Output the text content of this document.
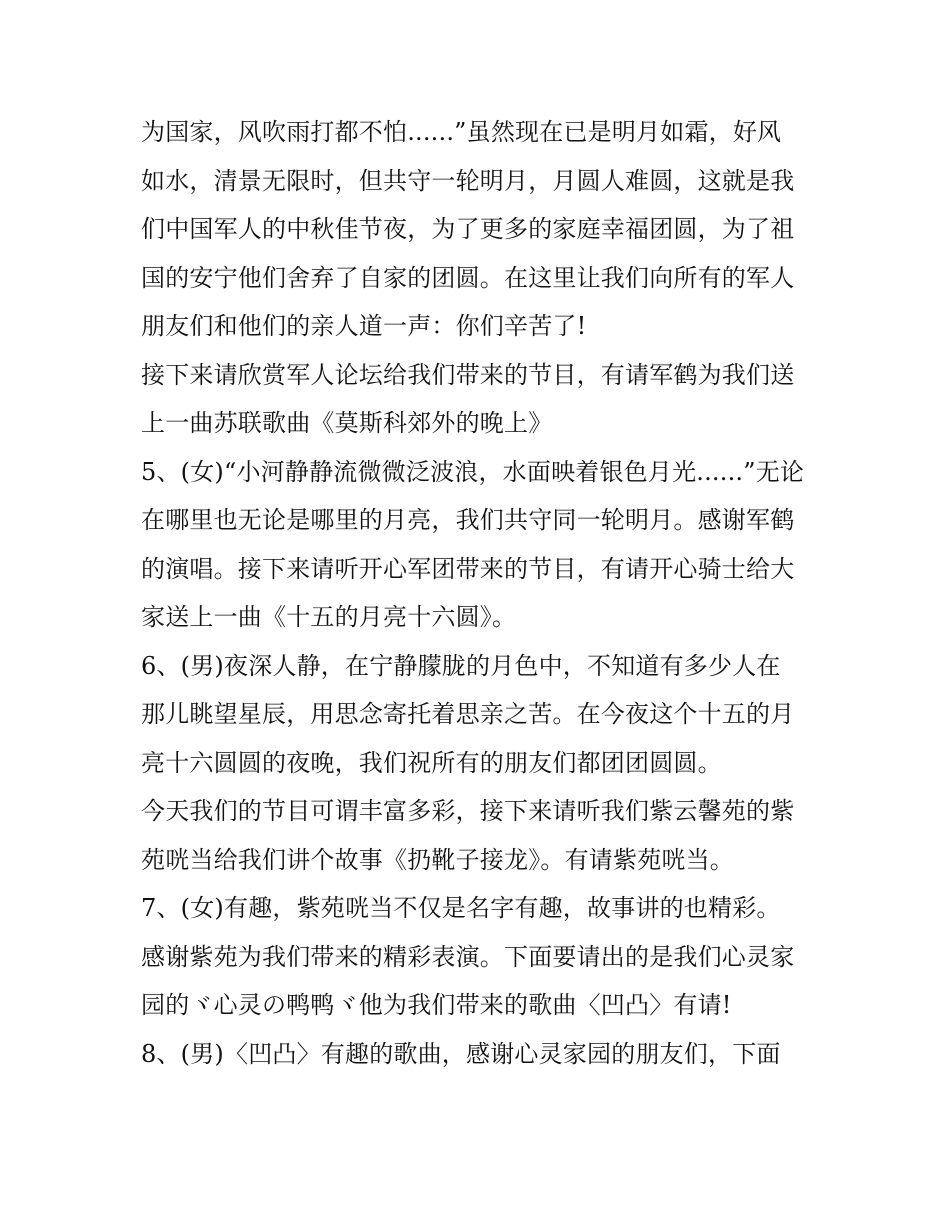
为国家，风吹雨打都不怕......”虽然现在已是明月如霜，好风
如水，清景无限时，但共守一轮明月，月圆人难圆，这就是我
们中国军人的中秋佳节夜，为了更多的家庭幸福团圆，为了祖
国的安宁他们舍弃了自家的团圆。在这里让我们向所有的军人
朋友们和他们的亲人道一声：你们辛苦了!
接下来请欣赏军人论坛给我们带来的节目，有请军鹤为我们送
上一曲苏联歌曲《莫斯科郊外的晚上》
5、(女)“小河静静流微微泛波浪，水面映着银色月光......”无论
在哪里也无论是哪里的月亮，我们共守同一轮明月。感谢军鹤
的演唱。接下来请听开心军团带来的节目，有请开心骑士给大
家送上一曲《十五的月亮十六圆》。
6、(男)夜深人静，在宁静朦胧的月色中，不知道有多少人在
那儿眺望星辰，用思念寄托着思亲之苦。在今夜这个十五的月
亮十六圆圆的夜晚，我们祝所有的朋友们都团团圆圆。
今天我们的节目可谓丰富多彩，接下来请听我们紫云馨苑的紫
苑咣当给我们讲个故事《扔靴子接龙》。有请紫苑咣当。
7、(女)有趣，紫苑咣当不仅是名字有趣，故事讲的也精彩。
感谢紫苑为我们带来的精彩表演。下面要请出的是我们心灵家
园的ヾ心灵の鸭鸭ヾ他为我们带来的歌曲〈凹凸〉有请!
8、(男)〈凹凸〉有趣的歌曲，感谢心灵家园的朋友们，下面
